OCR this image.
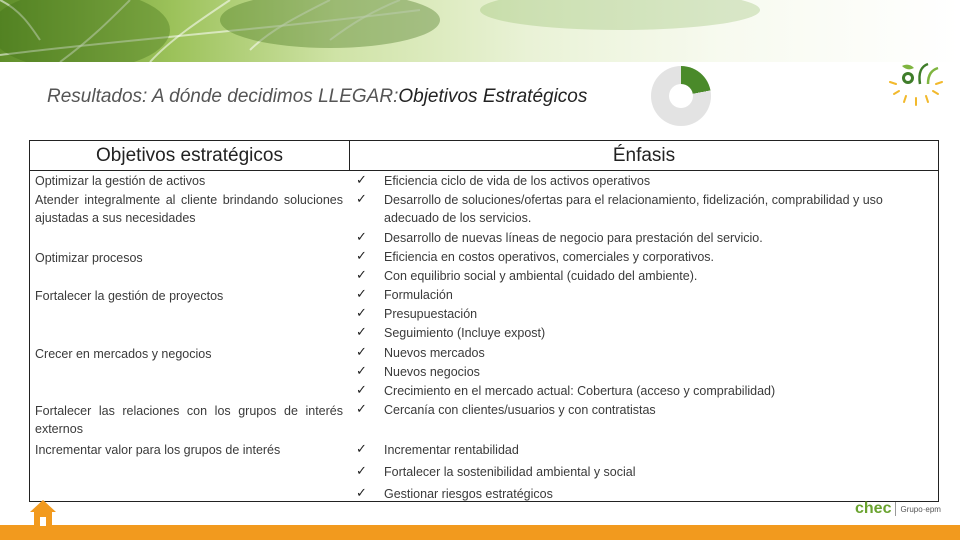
Resultados: A dónde decidimos LLEGAR:Objetivos Estratégicos
Objetivos estratégicos	Énfasis
Optimizar la gestión de activos
Atender integralmente al cliente brindando soluciones ajustadas a sus necesidades
Optimizar procesos
Fortalecer la gestión de proyectos
Crecer en mercados y negocios
Fortalecer las relaciones con los grupos de interés externos
Incrementar valor para los grupos de interés
✓
✓
✓
✓
✓
✓
✓
✓
✓
✓
✓
✓
✓
✓
✓
Eficiencia ciclo de vida de los activos operativos
Desarrollo de soluciones/ofertas para el relacionamiento, fidelización, comprabilidad y uso adecuado de los servicios.
Desarrollo de nuevas líneas de negocio para prestación del servicio.
Eficiencia en costos operativos, comerciales y corporativos.
Con equilibrio social y ambiental (cuidado del ambiente).
Formulación
Presupuestación
Seguimiento (Incluye expost)
Nuevos mercados
Nuevos negocios
Crecimiento en el mercado actual: Cobertura (acceso y comprabilidad)
Cercanía con clientes/usuarios y con contratistas
Incrementar rentabilidad
Fortalecer la sostenibilidad ambiental y social
Gestionar riesgos estratégicos
chec Grupo·epm
